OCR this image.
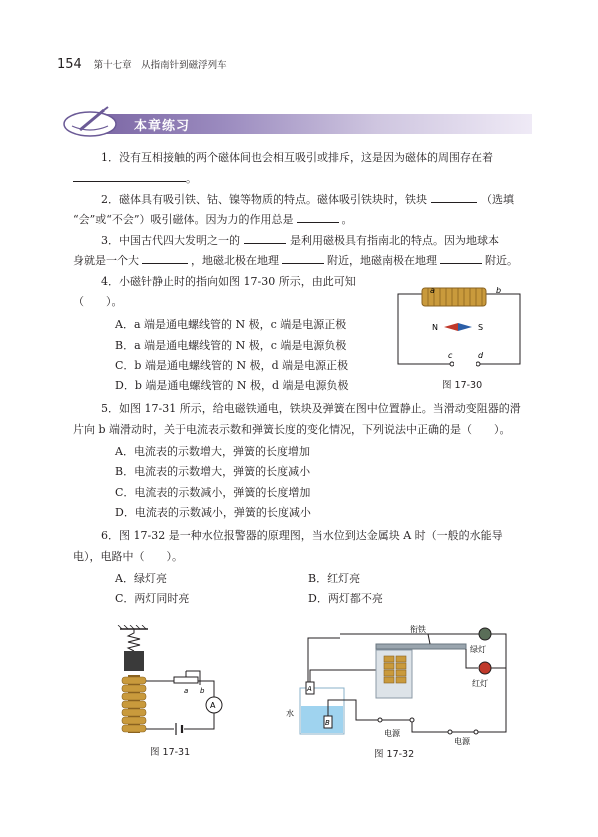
154 第十七章　从指南针到磁浮列车
本章练习
1．没有互相接触的两个磁体间也会相互吸引或排斥，这是因为磁体的周围存在着
。
2．磁体具有吸引铁、钴、镍等物质的特点。磁体吸引铁块时，铁块	（选填
“会”或“不会”）吸引磁体。因为力的作用总是	。
3．中国古代四大发明之一的	是利用磁极具有指南北的特点。因为地球本
身就是一个大	，地磁北极在地理	附近，地磁南极在地理	附近。
4．小磁针静止时的指向如图 17-30 所示，由此可知
（　　）。
A．a 端是通电螺线管的 N 极，c 端是电源正极
B．a 端是通电螺线管的 N 极，c 端是电源负极
C．b 端是通电螺线管的 N 极，d 端是电源正极
D．b 端是通电螺线管的 N 极，d 端是电源负极
a	b
N	S
c	d
图 17-30
5．如图 17-31 所示，给电磁铁通电，铁块及弹簧在图中位置静止。当滑动变阻器的滑
片向 b 端滑动时，关于电流表示数和弹簧长度的变化情况，下列说法中正确的是（　　）。
A．电流表的示数增大，弹簧的长度增加
B．电流表的示数增大，弹簧的长度减小
C．电流表的示数减小，弹簧的长度增加
D．电流表的示数减小，弹簧的长度减小
6．图 17-32 是一种水位报警器的原理图，当水位到达金属块 A 时（一般的水能导
电），电路中（　　）。
A．绿灯亮	B．红灯亮
C．两灯同时亮	D．两灯都不亮
a b
A
图 17-31
A
B
水
衔铁
绿灯
红灯
电源
电源
图 17-32
